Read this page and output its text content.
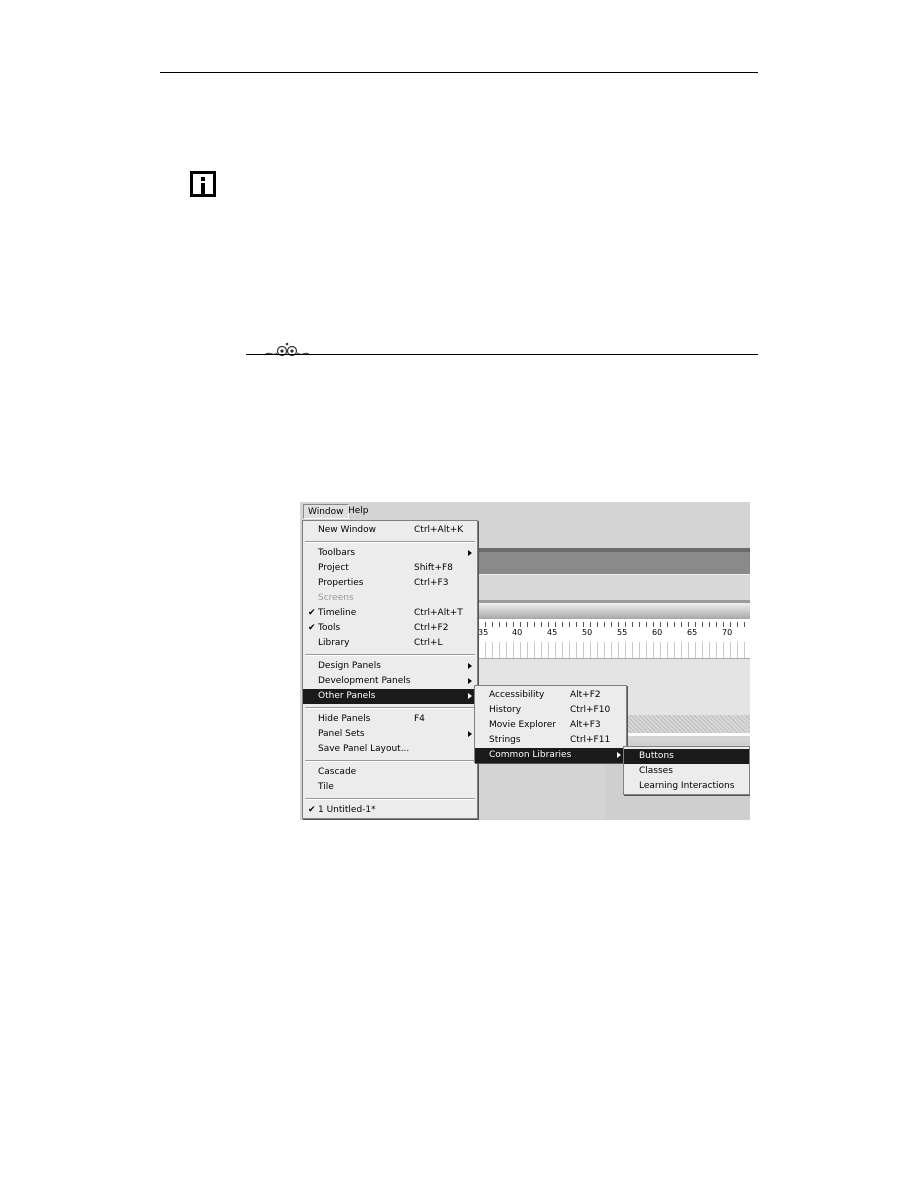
35	40	45	50	55	60	65	70
Window Help
New Window	Ctrl+Alt+K
Toolbars
Project	Shift+F8
Properties	Ctrl+F3
Screens
✔ Timeline	Ctrl+Alt+T
✔ Tools	Ctrl+F2
Library	Ctrl+L
Design Panels
Development Panels
Other Panels
Hide Panels	F4
Panel Sets
Save Panel Layout...
Cascade
Tile
✔ 1 Untitled-1*
Accessibility	Alt+F2
History	Ctrl+F10
Movie Explorer Alt+F3
Strings	Ctrl+F11
Common Libraries	Buttons
Classes
Learning Interactions
